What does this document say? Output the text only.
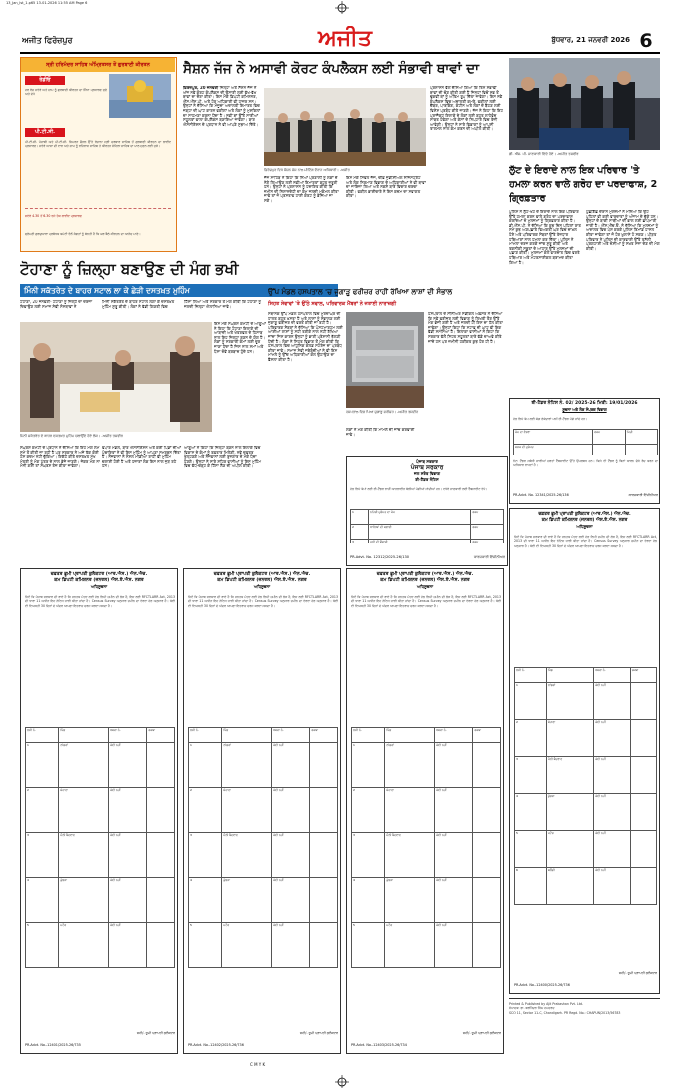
13_Jan_lst_1.p65 13-01-2026 11:55 AM Page 6
ਅਜੀਤ ਫਿਰੋਜ਼ਪੁਰ	ਅਜੀਤ	ਬੁੱਧਵਾਰ, 21 ਜਨਵਰੀ 2026 6
ਸ੍ਰੀ ਹਰਿਮੰਦਰ ਸਾਹਿਬ ਅੰਮ੍ਰਿਤਸਰ ਤੋਂ ਗੁਰਬਾਣੀ ਕੀਰਤਨ
ਰੇਡੀਓ
ਹਰ ਰੋਜ਼ ਸਵੇਰੇ ਅਤੇ ਸ਼ਾਮ ਨੂੰ ਗੁਰਬਾਣੀ ਕੀਰਤਨ ਦਾ ਸਿੱਧਾ ਪ੍ਰਸਾਰਣ ਸੁਣੋ ਅਤੇ ਦੇਖੋ
ਪੀ.ਟੀ.ਸੀ.
ਪੀ.ਟੀ.ਸੀ. ਪੰਜਾਬੀ ਅਤੇ ਪੀ.ਟੀ.ਸੀ. ਸਿਮਰਨ ਚੈਨਲ ਉੱਤੇ ਰੋਜ਼ਾਨਾ ਸ੍ਰੀ ਦਰਬਾਰ ਸਾਹਿਬ ਤੋਂ ਗੁਰਬਾਣੀ ਕੀਰਤਨ ਦਾ ਲਾਈਵ ਪ੍ਰਸਾਰਣ। ਸਵੇਰੇ ਆਸਾ ਦੀ ਵਾਰ ਅਤੇ ਸ਼ਾਮ ਨੂੰ ਰਹਿਰਾਸ ਸਾਹਿਬ ਤੇ ਕੀਰਤਨ ਸੋਹਿਲਾ ਸਾਹਿਬ ਦਾ ਪਾਠ ਸੁਣਨ ਲਈ ਜੁੜੋ।
ਸਵੇਰੇ 4.30 ਤੋਂ 6.30 ਵਜੇ ਤੱਕ ਲਾਈਵ ਪ੍ਰਸਾਰਣ
ਸ਼੍ਰੋਮਣੀ ਗੁਰਦੁਆਰਾ ਪ੍ਰਬੰਧਕ ਕਮੇਟੀ ਵੱਲੋਂ ਸੰਗਤਾਂ ਨੂੰ ਬੇਨਤੀ ਹੈ ਕਿ ਘਰ ਬੈਠੇ ਕੀਰਤਨ ਦਾ ਆਨੰਦ ਮਾਣੋ।
ਸੈਸ਼ਨ ਜੱਜ ਨੇ ਅਸਾਵੀ ਕੋਰਟ ਕੰਪਲੈਕਸ ਲਈ ਸੰਭਾਵੀ ਥਾਵਾਂ ਦਾ
ਫ਼ਿਰੋਜ਼ਪੁਰ, 20 ਜਨਵਰੀ ਜ਼ਿਲ੍ਹਾ ਅਤੇ ਸੈਸ਼ਨ ਜੱਜ ਨੇ ਅੱਜ ਨਵੇਂ ਕੋਰਟ ਕੰਪਲੈਕਸ ਦੀ ਉਸਾਰੀ ਲਈ ਵੱਖ-ਵੱਖ ਥਾਵਾਂ ਦਾ ਦੌਰਾ ਕੀਤਾ। ਇਸ ਮੌਕੇ ਡਿਪਟੀ ਕਮਿਸ਼ਨਰ, ਐੱਸ.ਐੱਸ.ਪੀ. ਅਤੇ ਹੋਰ ਅਧਿਕਾਰੀ ਵੀ ਹਾਜ਼ਰ ਸਨ। ਉਨ੍ਹਾਂ ਨੇ ਦੱਸਿਆ ਕਿ ਮੌਜੂਦਾ ਅਦਾਲਤੀ ਇਮਾਰਤ ਵਿਚ ਜਗ੍ਹਾ ਦੀ ਘਾਟ ਕਾਰਨ ਵਕੀਲਾਂ ਅਤੇ ਲੋਕਾਂ ਨੂੰ ਮੁਸ਼ਕਿਲਾਂ ਦਾ ਸਾਹਮਣਾ ਕਰਨਾ ਪੈਂਦਾ ਹੈ। ਨਵੀਂ ਥਾਂ ਉੱਤੇ ਸਾਰੀਆਂ ਸਹੂਲਤਾਂ ਵਾਲਾ ਕੰਪਲੈਕਸ ਬਣਾਇਆ ਜਾਵੇਗਾ। ਬਾਰ ਐਸੋਸੀਏਸ਼ਨ ਦੇ ਪ੍ਰਧਾਨ ਨੇ ਵੀ ਆਪਣੇ ਸੁਝਾਅ ਦਿੱਤੇ।
ਫ਼ਿਰੋਜ਼ਪੁਰ ਵਿਖੇ ਸੈਸ਼ਨ ਜੱਜ ਨਾਲ ਮੀਟਿੰਗ ਦੌਰਾਨ ਅਧਿਕਾਰੀ। -ਅਜੀਤ
ਜੱਜ ਸਾਹਿਬ ਨੇ ਕਿਹਾ ਕਿ ਨਿਆਂ ਪ੍ਰਣਾਲੀ ਨੂੰ ਲੋਕਾਂ ਦੇ ਨੇੜੇ ਲਿਆਉਣ ਲਈ ਨਵੀਆਂ ਇਮਾਰਤਾਂ ਬਹੁਤ ਜ਼ਰੂਰੀ ਹਨ। ਉਨ੍ਹਾਂ ਨੇ ਪ੍ਰਸ਼ਾਸਨ ਨੂੰ ਹਦਾਇਤ ਕੀਤੀ ਕਿ ਜ਼ਮੀਨ ਦੀ ਨਿਸ਼ਾਨਦੇਹੀ ਦਾ ਕੰਮ ਜਲਦੀ ਮੁਕੰਮਲ ਕੀਤਾ ਜਾਵੇ ਤਾਂ ਜੋ ਪ੍ਰਸਤਾਵ ਹਾਈ ਕੋਰਟ ਨੂੰ ਭੇਜਿਆ ਜਾ ਸਕੇ।
ਇਸ ਮੌਕੇ ਸਿਵਲ ਜੱਜ, ਚੀਫ਼ ਜੁਡੀਸ਼ੀਅਲ ਮੈਜਿਸਟ੍ਰੇਟ ਅਤੇ ਲੋਕ ਨਿਰਮਾਣ ਵਿਭਾਗ ਦੇ ਅਧਿਕਾਰੀਆਂ ਨੇ ਵੀ ਥਾਵਾਂ ਦਾ ਜਾਇਜ਼ਾ ਲਿਆ ਅਤੇ ਨਕਸ਼ੇ ਬਾਰੇ ਵਿਚਾਰ ਚਰਚਾ ਕੀਤੀ। ਵਕੀਲ ਭਾਈਚਾਰੇ ਨੇ ਇਸ ਕਦਮ ਦਾ ਸਵਾਗਤ ਕੀਤਾ।
ਪ੍ਰਸ਼ਾਸਨ ਵੱਲੋਂ ਦੱਸਿਆ ਗਿਆ ਕਿ ਤਿੰਨ ਸੰਭਾਵੀ ਥਾਵਾਂ ਦੀ ਚੋਣ ਕੀਤੀ ਗਈ ਹੈ ਜਿਨ੍ਹਾਂ ਵਿਚੋਂ ਸਭ ਤੋਂ ਢੁਕਵੀਂ ਥਾਂ ਨੂੰ ਅੰਤਿਮ ਰੂਪ ਦਿੱਤਾ ਜਾਵੇਗਾ। ਇਸ ਨਵੇਂ ਕੰਪਲੈਕਸ ਵਿਚ ਅਦਾਲਤੀ ਕਮਰੇ, ਵਕੀਲਾਂ ਲਈ ਚੈਂਬਰ, ਪਾਰਕਿੰਗ, ਕੰਟੀਨ ਅਤੇ ਲੋਕਾਂ ਦੇ ਬੈਠਣ ਲਈ ਵਿਸ਼ੇਸ਼ ਪ੍ਰਬੰਧ ਕੀਤੇ ਜਾਣਗੇ। ਜੱਜ ਨੇ ਕਿਹਾ ਕਿ ਇਹ ਪ੍ਰਾਜੈਕਟ ਇਲਾਕੇ ਦੇ ਲੋਕਾਂ ਲਈ ਬਹੁਤ ਲਾਹੇਵੰਦ ਸਾਬਤ ਹੋਵੇਗਾ ਅਤੇ ਕੇਸਾਂ ਦੇ ਨਿਪਟਾਰੇ ਵਿਚ ਤੇਜ਼ੀ ਆਵੇਗੀ। ਉਨ੍ਹਾਂ ਨੇ ਸਾਰੇ ਵਿਭਾਗਾਂ ਨੂੰ ਆਪਸੀ ਤਾਲਮੇਲ ਨਾਲ ਕੰਮ ਕਰਨ ਦੀ ਅਪੀਲ ਕੀਤੀ।
ਡੀ. ਐੱਸ. ਪੀ. ਜਾਣਕਾਰੀ ਦਿੰਦੇ ਹੋਏ। -ਅਜੀਤ ਤਸਵੀਰ
ਲੁੱਟ ਦੇ ਇਰਾਦੇ ਨਾਲ ਇਕ ਪਰਿਵਾਰ 'ਤੇ ਹਮਲਾ ਕਰਨ ਵਾਲੇ ਗਰੋਹ ਦਾ ਪਰਦਾਫਾਸ਼, 2 ਗ੍ਰਿਫ਼ਤਾਰ
ਪੁਲਿਸ ਨੇ ਲੁੱਟ-ਖੋਹ ਦੇ ਇਰਾਦੇ ਨਾਲ ਇਕ ਪਰਿਵਾਰ ਉੱਤੇ ਹਮਲਾ ਕਰਨ ਵਾਲੇ ਗਰੋਹ ਦਾ ਪਰਦਾਫਾਸ਼ ਕਰਦਿਆਂ ਦੋ ਮੁਲਜ਼ਮਾਂ ਨੂੰ ਗ੍ਰਿਫ਼ਤਾਰ ਕੀਤਾ ਹੈ। ਡੀ.ਐੱਸ.ਪੀ. ਨੇ ਦੱਸਿਆ ਕਿ ਕੁਝ ਦਿਨ ਪਹਿਲਾਂ ਰਾਤ ਸਮੇਂ ਕੁਝ ਅਣਪਛਾਤੇ ਵਿਅਕਤੀ ਘਰ ਵਿਚ ਦਾਖ਼ਲ ਹੋਏ ਅਤੇ ਪਰਿਵਾਰਕ ਮੈਂਬਰਾਂ ਉੱਤੇ ਤੇਜ਼ਧਾਰ ਹਥਿਆਰਾਂ ਨਾਲ ਹਮਲਾ ਕਰ ਦਿੱਤਾ। ਪੁਲਿਸ ਨੇ ਮਾਮਲਾ ਦਰਜ ਕਰਕੇ ਜਾਂਚ ਸ਼ੁਰੂ ਕੀਤੀ ਅਤੇ ਤਕਨੀਕੀ ਸਬੂਤਾਂ ਦੇ ਆਧਾਰ ਉੱਤੇ ਮੁਲਜ਼ਮਾਂ ਦੀ ਪਛਾਣ ਕੀਤੀ। ਮੁਲਜ਼ਮਾਂ ਕੋਲੋਂ ਵਾਰਦਾਤ ਵਿਚ ਵਰਤੇ ਹਥਿਆਰ ਅਤੇ ਮੋਟਰਸਾਈਕਲ ਬਰਾਮਦ ਕੀਤਾ ਗਿਆ ਹੈ।
ਪੁੱਛਗਿੱਛ ਦੌਰਾਨ ਮੁਲਜ਼ਮਾਂ ਨੇ ਮੰਨਿਆ ਕਿ ਉਹ ਪਹਿਲਾਂ ਵੀ ਕਈ ਵਾਰਦਾਤਾਂ ਨੂੰ ਅੰਜਾਮ ਦੇ ਚੁੱਕੇ ਹਨ। ਉਨ੍ਹਾਂ ਦੇ ਬਾਕੀ ਸਾਥੀਆਂ ਦੀ ਭਾਲ ਲਈ ਛਾਪੇਮਾਰੀ ਜਾਰੀ ਹੈ। ਐੱਸ.ਐੱਚ.ਓ. ਨੇ ਦੱਸਿਆ ਕਿ ਮੁਲਜ਼ਮਾਂ ਨੂੰ ਅਦਾਲਤ ਵਿਚ ਪੇਸ਼ ਕਰਕੇ ਪੁਲਿਸ ਰਿਮਾਂਡ ਹਾਸਲ ਕੀਤਾ ਜਾਵੇਗਾ ਤਾਂ ਜੋ ਹੋਰ ਖ਼ੁਲਾਸੇ ਹੋ ਸਕਣ। ਪੀੜਤ ਪਰਿਵਾਰ ਨੇ ਪੁਲਿਸ ਦੀ ਕਾਰਵਾਈ ਉੱਤੇ ਤਸੱਲੀ ਪ੍ਰਗਟਾਈ ਅਤੇ ਦੋਸ਼ੀਆਂ ਨੂੰ ਸਖ਼ਤ ਸਜ਼ਾ ਦੇਣ ਦੀ ਮੰਗ ਕੀਤੀ।
ਟੋਹਾਣਾ ਨੂੰ ਜ਼ਿਲ੍ਹਾ ਬਣਾਉਣ ਦੀ ਮੰਗ ਭਖੀ
ਮਿੰਨੀ ਸਕੱਤਰੇਤ ਦੇ ਬਾਹਰ ਸਟਾਲ ਲਾ ਕੇ ਛੇੜੀ ਦਸਤਖ਼ਤ ਮੁਹਿੰਮ
ਟੋਹਾਣਾ, 20 ਜਨਵਰੀ- ਟੋਹਾਣਾ ਨੂੰ ਜ਼ਿਲ੍ਹੇ ਦਾ ਦਰਜਾ ਦਿਵਾਉਣ ਲਈ ਸਮਾਜ ਸੇਵੀ ਸੰਸਥਾਵਾਂ ਨੇ
ਮਿੰਨੀ ਸਕੱਤਰੇਤ ਦੇ ਬਾਹਰ ਸਟਾਲ ਲਗਾ ਕੇ ਦਸਤਖ਼ਤ ਮੁਹਿੰਮ ਸ਼ੁਰੂ ਕੀਤੀ। ਲੋਕਾਂ ਨੇ ਵੱਡੀ ਗਿਣਤੀ ਵਿਚ
ਹਿੱਸਾ ਲਿਆ ਅਤੇ ਸਰਕਾਰ ਤੋਂ ਮੰਗ ਕੀਤੀ ਕਿ ਟੋਹਾਣਾ ਨੂੰ ਜਲਦੀ ਜ਼ਿਲ੍ਹਾ ਐਲਾਨਿਆ ਜਾਵੇ।
ਇਸ ਮੌਕੇ ਸੰਘਰਸ਼ ਕਮੇਟੀ ਦੇ ਆਗੂਆਂ ਨੇ ਕਿਹਾ ਕਿ ਟੋਹਾਣਾ ਇਲਾਕੇ ਦੀ ਆਬਾਦੀ ਅਤੇ ਖੇਤਰਫਲ ਦੇ ਹਿਸਾਬ ਨਾਲ ਇਹ ਜ਼ਿਲ੍ਹਾ ਬਣਨ ਦੇ ਯੋਗ ਹੈ। ਲੋਕਾਂ ਨੂੰ ਸਰਕਾਰੀ ਕੰਮਾਂ ਲਈ ਦੂਰ ਜਾਣਾ ਪੈਂਦਾ ਹੈ ਜਿਸ ਨਾਲ ਸਮਾਂ ਅਤੇ ਪੈਸਾ ਦੋਵੇਂ ਬਰਬਾਦ ਹੁੰਦੇ ਹਨ।
ਮਿੰਨੀ ਸਕੱਤਰੇਤ ਦੇ ਬਾਹਰ ਦਸਤਖ਼ਤ ਮੁਹਿੰਮ ਚਲਾਉਂਦੇ ਹੋਏ ਲੋਕ। -ਅਜੀਤ ਤਸਵੀਰ
ਸੰਘਰਸ਼ ਕਮੇਟੀ ਦੇ ਪ੍ਰਧਾਨ ਨੇ ਦੱਸਿਆ ਕਿ ਇਹ ਮੰਗ ਲੰਮੇ ਸਮੇਂ ਤੋਂ ਕੀਤੀ ਜਾ ਰਹੀ ਹੈ ਪਰ ਸਰਕਾਰ ਨੇ ਅਜੇ ਤੱਕ ਕੋਈ ਠੋਸ ਕਦਮ ਨਹੀਂ ਚੁੱਕਿਆ। ਇਕੱਠੇ ਕੀਤੇ ਦਸਤਖ਼ਤ ਮੁੱਖ ਮੰਤਰੀ ਨੂੰ ਮੰਗ ਪੱਤਰ ਦੇ ਨਾਲ ਭੇਜੇ ਜਾਣਗੇ। ਜੇਕਰ ਮੰਗ ਨਾ ਮੰਨੀ ਗਈ ਤਾਂ ਸੰਘਰਸ਼ ਤੇਜ਼ ਕੀਤਾ ਜਾਵੇਗਾ।
ਵਪਾਰ ਮੰਡਲ, ਬਾਰ ਐਸੋਸੀਏਸ਼ਨ ਅਤੇ ਕਈ ਪਿੰਡਾਂ ਦੀਆਂ ਪੰਚਾਇਤਾਂ ਨੇ ਵੀ ਇਸ ਮੁਹਿੰਮ ਨੂੰ ਆਪਣਾ ਸਮਰਥਨ ਦਿੱਤਾ ਹੈ। ਨੌਜਵਾਨਾਂ ਨੇ ਸੋਸ਼ਲ ਮੀਡੀਆ ਰਾਹੀਂ ਵੀ ਮੁਹਿੰਮ ਚਲਾਈ ਹੋਈ ਹੈ ਅਤੇ ਹਜ਼ਾਰਾਂ ਲੋਕ ਇਸ ਨਾਲ ਜੁੜ ਰਹੇ ਹਨ।
ਆਗੂਆਂ ਨੇ ਕਿਹਾ ਕਿ ਜ਼ਿਲ੍ਹਾ ਬਣਨ ਨਾਲ ਇਲਾਕੇ ਵਿਚ ਵਿਕਾਸ ਦੇ ਕੰਮਾਂ ਨੂੰ ਰਫ਼ਤਾਰ ਮਿਲੇਗੀ, ਨਵੇਂ ਦਫ਼ਤਰ ਖੁੱਲ੍ਹਣਗੇ ਅਤੇ ਨੌਜਵਾਨਾਂ ਲਈ ਰੁਜ਼ਗਾਰ ਦੇ ਮੌਕੇ ਪੈਦਾ ਹੋਣਗੇ। ਉਨ੍ਹਾਂ ਨੇ ਸਾਰੇ ਸ਼ਹਿਰ ਵਾਸੀਆਂ ਨੂੰ ਇਸ ਮੁਹਿੰਮ ਵਿਚ ਵੱਧ-ਚੜ੍ਹ ਕੇ ਹਿੱਸਾ ਲੈਣ ਦੀ ਅਪੀਲ ਕੀਤੀ।
ਉੱਪ ਮੰਡਲ ਹਸਪਤਾਲ 'ਚ ਜੁਗਾੜੂ ਫਰੀਜ਼ਰ ਰਾਹੀਂ ਰੱਖਿਆ ਲਾਸ਼ਾਂ ਦੀ ਸੰਭਾਲ
ਸਿਹਤ ਸੇਵਾਵਾਂ 'ਤੇ ਉੱਠੇ ਸਵਾਲ, ਪਰਿਵਾਰਕ ਮੈਂਬਰਾਂ ਨੇ ਜਤਾਈ ਨਾਰਾਜ਼ਗੀ
ਸਥਾਨਕ ਉੱਪ ਮੰਡਲ ਹਸਪਤਾਲ ਵਿਚ ਮੁਰਦਾਘਰ ਦੀ ਹਾਲਤ ਬਹੁਤ ਖ਼ਸਤਾ ਹੈ ਅਤੇ ਲਾਸ਼ਾਂ ਨੂੰ ਸੰਭਾਲਣ ਲਈ ਜੁਗਾੜੂ ਫਰੀਜ਼ਰ ਦੀ ਵਰਤੋਂ ਕੀਤੀ ਜਾ ਰਹੀ ਹੈ। ਪਰਿਵਾਰਕ ਮੈਂਬਰਾਂ ਨੇ ਦੱਸਿਆ ਕਿ ਪੋਸਟਮਾਰਟਮ ਲਈ ਆਈਆਂ ਲਾਸ਼ਾਂ ਨੂੰ ਸਹੀ ਤਰੀਕੇ ਨਾਲ ਨਹੀਂ ਰੱਖਿਆ ਜਾਂਦਾ ਜਿਸ ਕਾਰਨ ਉਨ੍ਹਾਂ ਨੂੰ ਭਾਰੀ ਪ੍ਰੇਸ਼ਾਨੀ ਝੱਲਣੀ ਪੈਂਦੀ ਹੈ। ਲੋਕਾਂ ਨੇ ਸਿਹਤ ਵਿਭਾਗ ਤੋਂ ਮੰਗ ਕੀਤੀ ਕਿ ਹਸਪਤਾਲ ਵਿਚ ਆਧੁਨਿਕ ਕੋਲਡ ਸਟੋਰੇਜ ਦਾ ਪ੍ਰਬੰਧ ਕੀਤਾ ਜਾਵੇ। ਸਮਾਜ ਸੇਵੀ ਜਥੇਬੰਦੀਆਂ ਨੇ ਵੀ ਇਸ ਮਾਮਲੇ ਨੂੰ ਉੱਚ ਅਧਿਕਾਰੀਆਂ ਕੋਲ ਉਠਾਉਣ ਦਾ ਫ਼ੈਸਲਾ ਕੀਤਾ ਹੈ।
ਹਸਪਤਾਲ ਵਿਚ ਪਿਆ ਜੁਗਾੜੂ ਫਰੀਜ਼ਰ। -ਅਜੀਤ ਤਸਵੀਰ
ਹਸਪਤਾਲ ਦੇ ਸੀਨੀਅਰ ਮੈਡੀਕਲ ਅਫ਼ਸਰ ਨੇ ਦੱਸਿਆ ਕਿ ਨਵੇਂ ਫਰੀਜ਼ਰ ਲਈ ਵਿਭਾਗ ਨੂੰ ਲਿਖਤੀ ਤੌਰ ਉੱਤੇ ਮੰਗ ਭੇਜੀ ਗਈ ਹੈ ਅਤੇ ਜਲਦੀ ਹੀ ਇਸ ਦਾ ਹੱਲ ਕੀਤਾ ਜਾਵੇਗਾ। ਉਨ੍ਹਾਂ ਕਿਹਾ ਕਿ ਸਟਾਫ਼ ਦੀ ਘਾਟ ਵੀ ਇਕ ਵੱਡੀ ਸਮੱਸਿਆ ਹੈ। ਇਲਾਕਾ ਵਾਸੀਆਂ ਨੇ ਕਿਹਾ ਕਿ ਸਰਕਾਰ ਵੱਲੋਂ ਸਿਹਤ ਸਹੂਲਤਾਂ ਬਾਰੇ ਵੱਡੇ ਦਾਅਵੇ ਕੀਤੇ ਜਾਂਦੇ ਹਨ ਪਰ ਜ਼ਮੀਨੀ ਹਕੀਕਤ ਕੁਝ ਹੋਰ ਹੀ ਹੈ।
ਲੋਕਾਂ ਨੇ ਮੰਗ ਕੀਤੀ ਕਿ ਮਾਮਲੇ ਦੀ ਜਾਂਚ ਕਰਵਾਈ ਜਾਵੇ।
ਪੰਜਾਬ ਸਰਕਾਰ
ਪੰਜਾਬ ਸਰਕਾਰ
ਜਲ ਸਰੋਤ ਵਿਭਾਗ
ਈ-ਟੈਂਡਰ ਨੋਟਿਸ
ਹੇਠ ਲਿਖੇ ਕੰਮਾਂ ਲਈ ਈ-ਟੈਂਡਰ ਰਾਹੀਂ ਆਨਲਾਈਨ ਬੋਲੀਆਂ ਮੰਗੀਆਂ ਜਾਂਦੀਆਂ ਹਨ। ਵਧੇਰੇ ਜਾਣਕਾਰੀ ਲਈ ਵੈੱਬਸਾਈਟ ਵੇਖੋ।
1	ਨਹਿਰੀ ਮੁਰੰਮਤ ਦਾ ਕੰਮ	ਰਕਮ
2	ਖਾਲਿਆਂ ਦੀ ਸਫ਼ਾਈ	ਰਕਮ
3	ਪੁਲੀ ਦੀ ਉਸਾਰੀ	ਰਕਮ
PR-Advt. No. 12312/2025-26/130	ਕਾਰਜਕਾਰੀ ਇੰਜੀਨੀਅਰ
ਈ-ਟੈਂਡਰ ਨੋਟਿਸ ਨੰ. 02/ 2025-26 ਮਿਤੀ: 19/01/2026
ਸੂਚਨਾ ਅਤੇ ਲੋਕ ਸੰਪਰਕ ਵਿਭਾਗ
ਹੇਠ ਲਿਖੇ ਕੰਮ ਲਈ ਯੋਗ ਠੇਕੇਦਾਰਾਂ ਪਾਸੋਂ ਈ-ਟੈਂਡਰ ਮੰਗੇ ਜਾਂਦੇ ਹਨ।
ਕੰਮ ਦਾ ਵੇਰਵਾ	ਰਕਮ	ਮਿਤੀ
ਸੜਕ ਦੀ ਮੁਰੰਮਤ		
ਨੋਟ: ਟੈਂਡਰ ਸਬੰਧੀ ਸਾਰੀਆਂ ਸ਼ਰਤਾਂ ਵੈੱਬਸਾਈਟ ਉੱਤੇ ਉਪਲਬਧ ਹਨ। ਕਿਸੇ ਵੀ ਟੈਂਡਰ ਨੂੰ ਬਿਨਾਂ ਕਾਰਨ ਦੱਸੇ ਰੱਦ ਕਰਨ ਦਾ ਅਧਿਕਾਰ ਰਾਖਵਾਂ ਹੈ।
PR-Advt. No. 12341/2025-26/136	ਕਾਰਜਕਾਰੀ ਇੰਜੀਨੀਅਰ
ਦਫ਼ਤਰ ਭੂਮੀ ਪ੍ਰਾਪਤੀ ਕੁਲੈਕਟਰ (ਆਰ.ਐਸ.) ਐਨ.ਐਚ.
ਕਮ ਡਿਪਟੀ ਕਮਿਸ਼ਨਰ (ਜਨਰਲ) ਐਸ.ਏ.ਐਸ. ਨਗਰ
ਅਧਿਸੂਚਨਾ
ਜਿਵੇਂ ਕਿ ਪੰਜਾਬ ਸਰਕਾਰ ਦੀ ਰਾਏ ਹੈ ਕਿ ਜਨਤਕ ਮੰਤਵ ਲਈ ਹੇਠ ਲਿਖੀ ਜ਼ਮੀਨ ਦੀ ਲੋੜ ਹੈ, ਇਸ ਲਈ RFCTLARR Act, 2013 ਦੀ ਧਾਰਾ 11 ਅਧੀਨ ਇਹ ਨੋਟਿਸ ਜਾਰੀ ਕੀਤਾ ਜਾਂਦਾ ਹੈ। Census Survey ਅਨੁਸਾਰ ਜ਼ਮੀਨ ਦਾ ਵੇਰਵਾ ਹੇਠ ਅਨੁਸਾਰ ਹੈ। ਕੋਈ ਵੀ ਵਿਅਕਤੀ 30 ਦਿਨਾਂ ਦੇ ਅੰਦਰ ਆਪਣਾ ਇਤਰਾਜ਼ ਦਰਜ ਕਰਵਾ ਸਕਦਾ ਹੈ।
ਲੜੀ ਨੰ.	ਪਿੰਡ	ਖਸਰਾ ਨੰ.	ਰਕਬਾ
1	ਲਾਂਡਰਾਂ	ਕੋਈ ਨਹੀਂ	
2	ਸੋਹਾਣਾ	ਕੋਈ ਨਹੀਂ	
3	ਮੌਲੀ ਬੈਦਵਾਣ	ਕੋਈ ਨਹੀਂ	
4	ਕੁੰਭੜਾ	ਕੋਈ ਨਹੀਂ	
5	ਮਟੌਰ	ਕੋਈ ਨਹੀਂ	
ਸਹੀ/- ਭੂਮੀ ਪ੍ਰਾਪਤੀ ਕੁਲੈਕਟਰ
PR-Advt. No.-12401/2025-26/735
ਦਫ਼ਤਰ ਭੂਮੀ ਪ੍ਰਾਪਤੀ ਕੁਲੈਕਟਰ (ਆਰ.ਐਸ.) ਐਨ.ਐਚ.
ਕਮ ਡਿਪਟੀ ਕਮਿਸ਼ਨਰ (ਜਨਰਲ) ਐਸ.ਏ.ਐਸ. ਨਗਰ
ਅਧਿਸੂਚਨਾ
ਜਿਵੇਂ ਕਿ ਪੰਜਾਬ ਸਰਕਾਰ ਦੀ ਰਾਏ ਹੈ ਕਿ ਜਨਤਕ ਮੰਤਵ ਲਈ ਹੇਠ ਲਿਖੀ ਜ਼ਮੀਨ ਦੀ ਲੋੜ ਹੈ, ਇਸ ਲਈ RFCTLARR Act, 2013 ਦੀ ਧਾਰਾ 11 ਅਧੀਨ ਇਹ ਨੋਟਿਸ ਜਾਰੀ ਕੀਤਾ ਜਾਂਦਾ ਹੈ। Census Survey ਅਨੁਸਾਰ ਜ਼ਮੀਨ ਦਾ ਵੇਰਵਾ ਹੇਠ ਅਨੁਸਾਰ ਹੈ। ਕੋਈ ਵੀ ਵਿਅਕਤੀ 30 ਦਿਨਾਂ ਦੇ ਅੰਦਰ ਆਪਣਾ ਇਤਰਾਜ਼ ਦਰਜ ਕਰਵਾ ਸਕਦਾ ਹੈ।
ਲੜੀ ਨੰ.	ਪਿੰਡ	ਖਸਰਾ ਨੰ.	ਰਕਬਾ
1	ਲਾਂਡਰਾਂ	ਕੋਈ ਨਹੀਂ	
2	ਸੋਹਾਣਾ	ਕੋਈ ਨਹੀਂ	
3	ਮੌਲੀ ਬੈਦਵਾਣ	ਕੋਈ ਨਹੀਂ	
4	ਕੁੰਭੜਾ	ਕੋਈ ਨਹੀਂ	
5	ਮਟੌਰ	ਕੋਈ ਨਹੀਂ	
ਸਹੀ/- ਭੂਮੀ ਪ੍ਰਾਪਤੀ ਕੁਲੈਕਟਰ
PR-Advt. No.-12402/2025-26/736
ਦਫ਼ਤਰ ਭੂਮੀ ਪ੍ਰਾਪਤੀ ਕੁਲੈਕਟਰ (ਆਰ.ਐਸ.) ਐਨ.ਐਚ.
ਕਮ ਡਿਪਟੀ ਕਮਿਸ਼ਨਰ (ਜਨਰਲ) ਐਸ.ਏ.ਐਸ. ਨਗਰ
ਅਧਿਸੂਚਨਾ
ਜਿਵੇਂ ਕਿ ਪੰਜਾਬ ਸਰਕਾਰ ਦੀ ਰਾਏ ਹੈ ਕਿ ਜਨਤਕ ਮੰਤਵ ਲਈ ਹੇਠ ਲਿਖੀ ਜ਼ਮੀਨ ਦੀ ਲੋੜ ਹੈ, ਇਸ ਲਈ RFCTLARR Act, 2013 ਦੀ ਧਾਰਾ 11 ਅਧੀਨ ਇਹ ਨੋਟਿਸ ਜਾਰੀ ਕੀਤਾ ਜਾਂਦਾ ਹੈ। Census Survey ਅਨੁਸਾਰ ਜ਼ਮੀਨ ਦਾ ਵੇਰਵਾ ਹੇਠ ਅਨੁਸਾਰ ਹੈ। ਕੋਈ ਵੀ ਵਿਅਕਤੀ 30 ਦਿਨਾਂ ਦੇ ਅੰਦਰ ਆਪਣਾ ਇਤਰਾਜ਼ ਦਰਜ ਕਰਵਾ ਸਕਦਾ ਹੈ।
ਲੜੀ ਨੰ.	ਪਿੰਡ	ਖਸਰਾ ਨੰ.	ਰਕਬਾ
1	ਲਾਂਡਰਾਂ	ਕੋਈ ਨਹੀਂ	
2	ਸੋਹਾਣਾ	ਕੋਈ ਨਹੀਂ	
3	ਮੌਲੀ ਬੈਦਵਾਣ	ਕੋਈ ਨਹੀਂ	
4	ਕੁੰਭੜਾ	ਕੋਈ ਨਹੀਂ	
5	ਮਟੌਰ	ਕੋਈ ਨਹੀਂ	
ਸਹੀ/- ਭੂਮੀ ਪ੍ਰਾਪਤੀ ਕੁਲੈਕਟਰ
PR-Advt. No.-12403/2025-26/734
ਦਫ਼ਤਰ ਭੂਮੀ ਪ੍ਰਾਪਤੀ ਕੁਲੈਕਟਰ (ਆਰ.ਐਸ.) ਐਨ.ਐਚ.
ਕਮ ਡਿਪਟੀ ਕਮਿਸ਼ਨਰ (ਜਨਰਲ) ਐਸ.ਏ.ਐਸ. ਨਗਰ
ਅਧਿਸੂਚਨਾ
ਜਿਵੇਂ ਕਿ ਪੰਜਾਬ ਸਰਕਾਰ ਦੀ ਰਾਏ ਹੈ ਕਿ ਜਨਤਕ ਮੰਤਵ ਲਈ ਹੇਠ ਲਿਖੀ ਜ਼ਮੀਨ ਦੀ ਲੋੜ ਹੈ, ਇਸ ਲਈ RFCTLARR Act, 2013 ਦੀ ਧਾਰਾ 11 ਅਧੀਨ ਇਹ ਨੋਟਿਸ ਜਾਰੀ ਕੀਤਾ ਜਾਂਦਾ ਹੈ। Census Survey ਅਨੁਸਾਰ ਜ਼ਮੀਨ ਦਾ ਵੇਰਵਾ ਹੇਠ ਅਨੁਸਾਰ ਹੈ। ਕੋਈ ਵੀ ਵਿਅਕਤੀ 30 ਦਿਨਾਂ ਦੇ ਅੰਦਰ ਆਪਣਾ ਇਤਰਾਜ਼ ਦਰਜ ਕਰਵਾ ਸਕਦਾ ਹੈ।
ਲੜੀ ਨੰ.	ਪਿੰਡ	ਖਸਰਾ ਨੰ.	ਰਕਬਾ
1	ਲਾਂਡਰਾਂ	ਕੋਈ ਨਹੀਂ	
2	ਸੋਹਾਣਾ	ਕੋਈ ਨਹੀਂ	
3	ਮੌਲੀ ਬੈਦਵਾਣ	ਕੋਈ ਨਹੀਂ	
4	ਕੁੰਭੜਾ	ਕੋਈ ਨਹੀਂ	
5	ਮਟੌਰ	ਕੋਈ ਨਹੀਂ	
6	ਬਲੌਂਗੀ	ਕੋਈ ਨਹੀਂ	
ਸਹੀ/- ਭੂਮੀ ਪ੍ਰਾਪਤੀ ਕੁਲੈਕਟਰ
PR-Advt. No.-12400/2025-26/736
Printed & Published by Ajit Prakashan Pvt. Ltd.
ਸੰਪਾਦਕ: ਡਾ. ਬਰਜਿੰਦਰ ਸਿੰਘ ਹਮਦਰਦ
SCO 11, Sector 11-C, Chandigarh. PR Regd. No.: CHAPUN/2013/56783
C M Y K
